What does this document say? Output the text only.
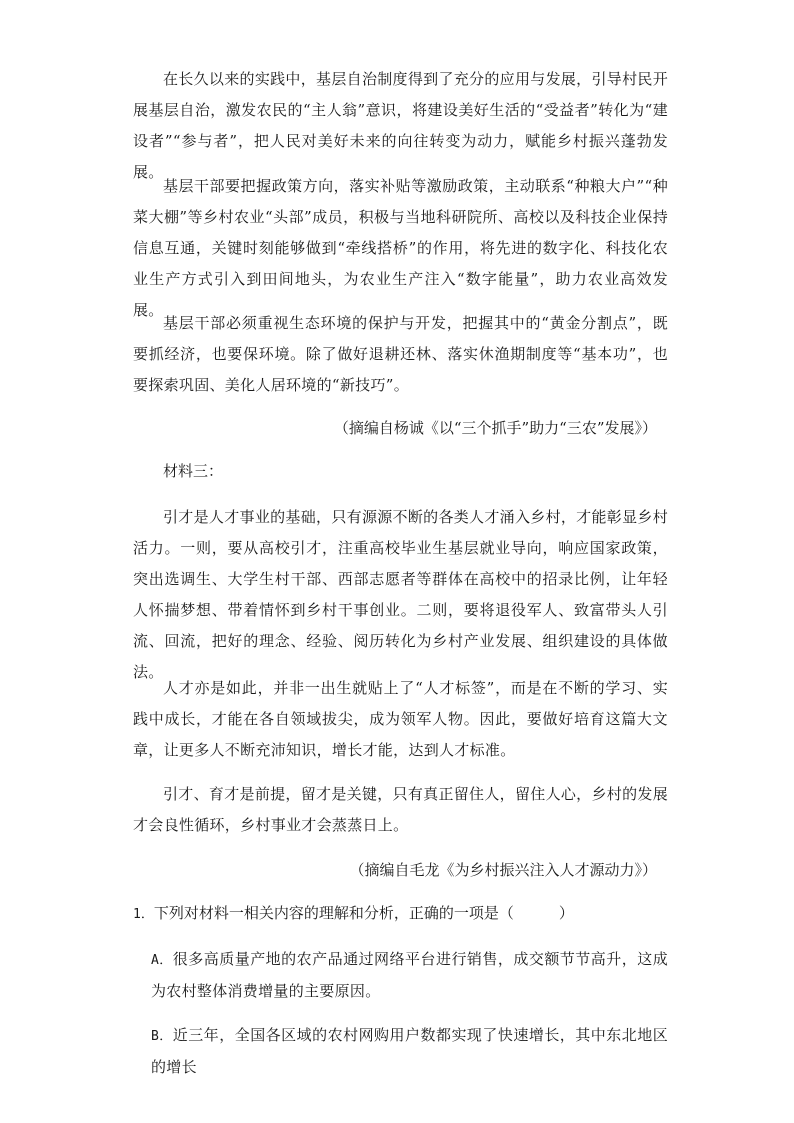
在长久以来的实践中，基层自治制度得到了充分的应用与发展，引导村民开展基层自治，激发农民的“主人翁”意识，将建设美好生活的“受益者”转化为“建设者”“参与者”，把人民对美好未来的向往转变为动力，赋能乡村振兴蓬勃发展。

基层干部要把握政策方向，落实补贴等激励政策，主动联系“种粮大户”“种菜大棚”等乡村农业“头部”成员，积极与当地科研院所、高校以及科技企业保持信息互通，关键时刻能够做到“牵线搭桥”的作用，将先进的数字化、科技化农业生产方式引入到田间地头，为农业生产注入“数字能量”，助力农业高效发展。

基层干部必须重视生态环境的保护与开发，把握其中的“黄金分割点”，既要抓经济，也要保环境。除了做好退耕还林、落实休渔期制度等“基本功”，也要探索巩固、美化人居环境的“新技巧”。

（摘编自杨诚《以“三个抓手”助力“三农”发展》）

材料三：

引才是人才事业的基础，只有源源不断的各类人才涌入乡村，才能彰显乡村活力。一则，要从高校引才，注重高校毕业生基层就业导向，响应国家政策，突出选调生、大学生村干部、西部志愿者等群体在高校中的招录比例，让年轻人怀揣梦想、带着情怀到乡村干事创业。二则，要将退役军人、致富带头人引流、回流，把好的理念、经验、阅历转化为乡村产业发展、组织建设的具体做法。

人才亦是如此，并非一出生就贴上了“人才标签”，而是在不断的学习、实践中成长，才能在各自领域拔尖，成为领军人物。因此，要做好培育这篇大文章，让更多人不断充沛知识，增长才能，达到人才标准。

引才、育才是前提，留才是关键，只有真正留住人，留住人心，乡村的发展才会良性循环，乡村事业才会蒸蒸日上。

（摘编自毛龙《为乡村振兴注入人才源动力》）

1．下列对材料一相关内容的理解和分析，正确的一项是（　　　）

A．很多高质量产地的农产品通过网络平台进行销售，成交额节节高升，这成为农村整体消费增量的主要原因。

B．近三年，全国各区域的农村网购用户数都实现了快速增长，其中东北地区的增长
